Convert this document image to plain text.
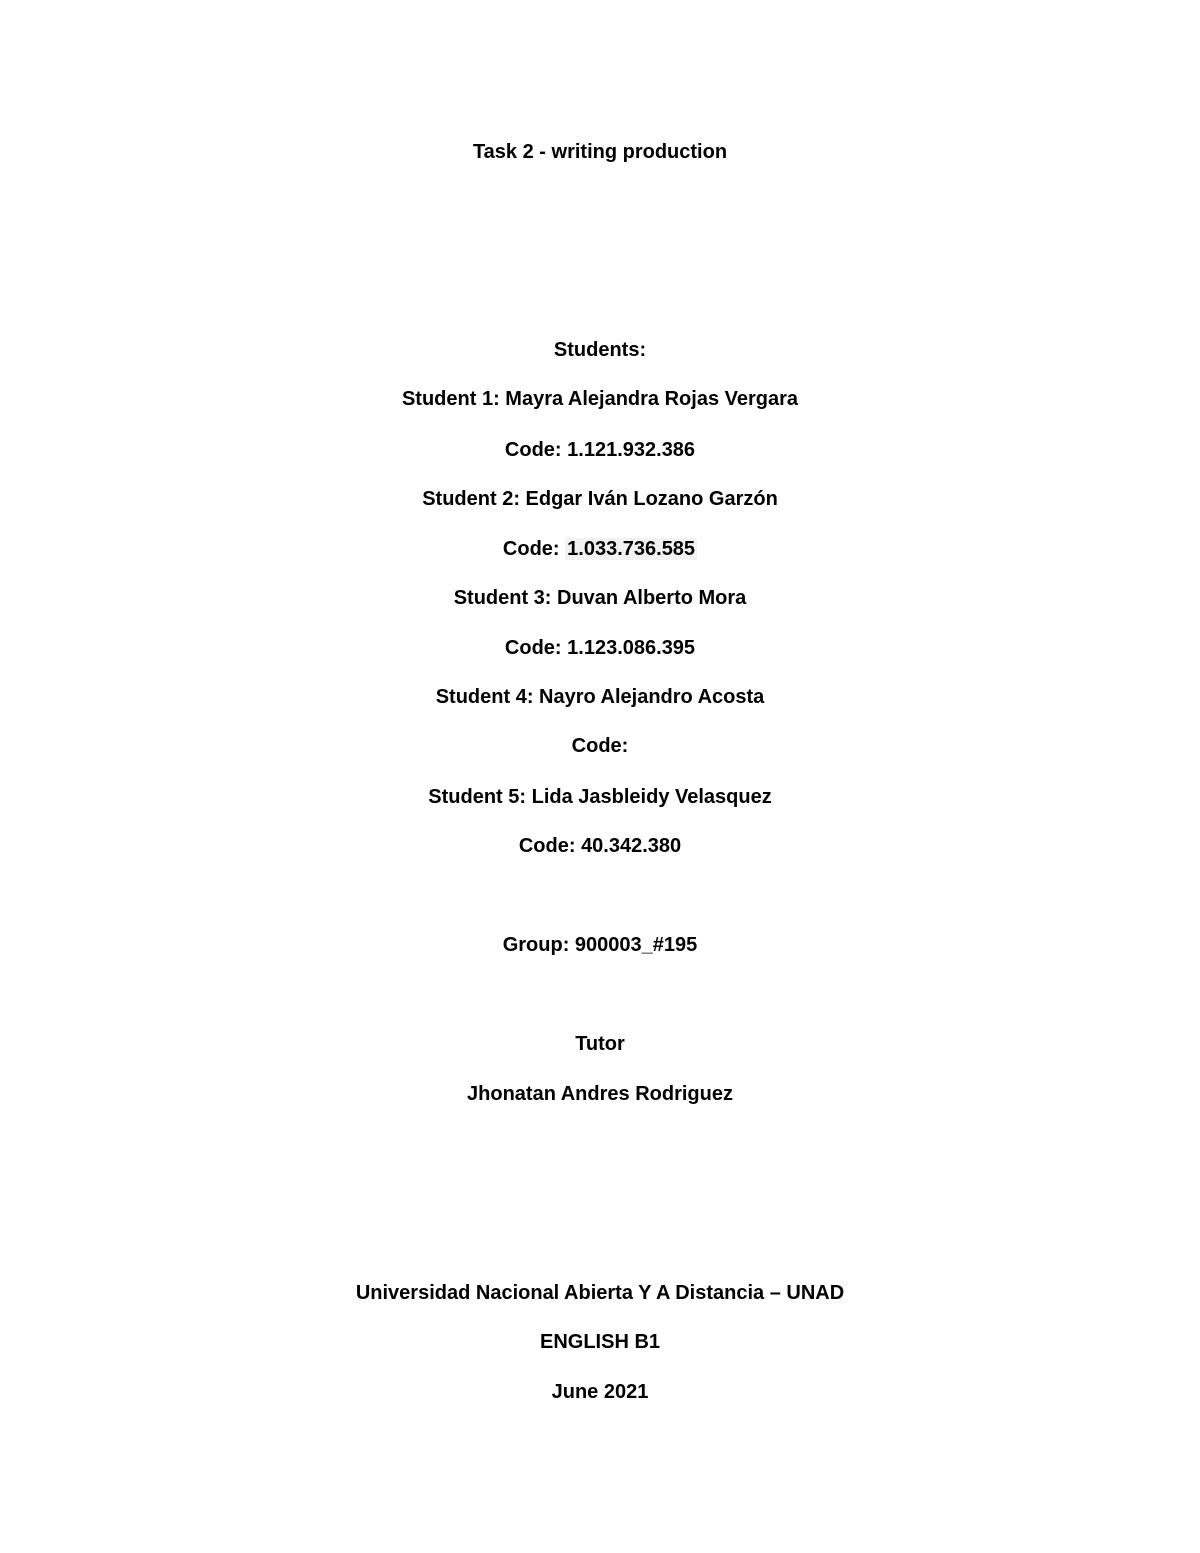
Task 2 - writing production
Students:
Student 1: Mayra Alejandra Rojas Vergara
Code: 1.121.932.386
Student 2: Edgar Iván Lozano Garzón
Code: 1.033.736.585
Student 3: Duvan Alberto Mora
Code: 1.123.086.395
Student 4: Nayro Alejandro Acosta
Code:
Student 5: Lida Jasbleidy Velasquez
Code: 40.342.380
Group: 900003_#195
Tutor
Jhonatan Andres Rodriguez
Universidad Nacional Abierta Y A Distancia – UNAD
ENGLISH B1
June 2021
